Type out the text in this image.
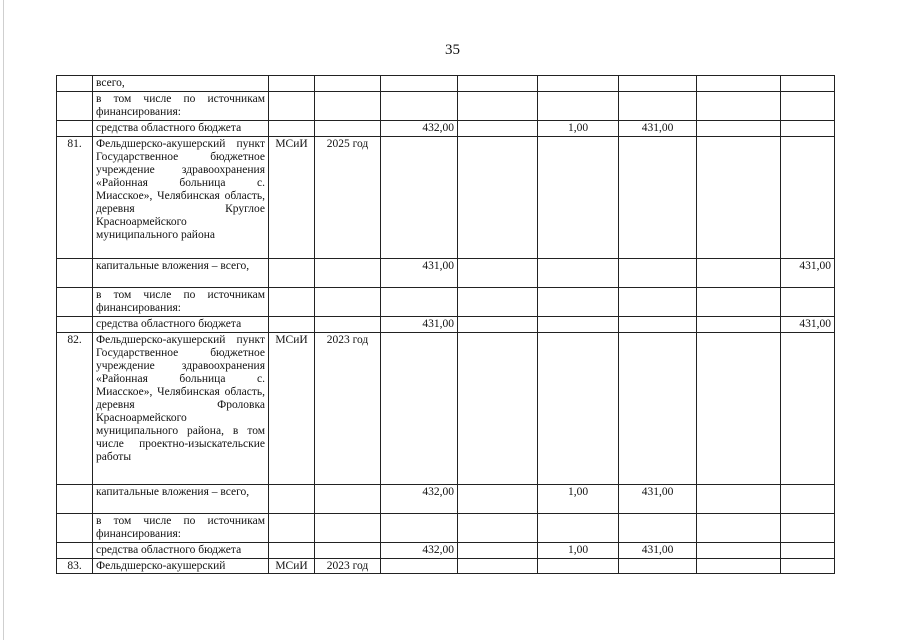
35
	всего,								
	в том числе по источникам финансирования:								
	средства областного бюджета			432,00		1,00	431,00		
81.	Фельдшерско-акушерский пункт Государственное бюджетное учреждение здравоохранения «Районная больница с. Миасское», Челябинская область, деревня Круглое Красноармейского муниципального района	МСиИ	2025 год						
	капитальные вложения – всего,			431,00					431,00
	в том числе по источникам финансирования:								
	средства областного бюджета			431,00					431,00
82.	Фельдшерско-акушерский пункт Государственное бюджетное учреждение здравоохранения «Районная больница с. Миасское», Челябинская область, деревня Фроловка Красноармейского муниципального района, в том числе проектно-изыскательские работы	МСиИ	2023 год						
	капитальные вложения – всего,			432,00		1,00	431,00		
	в том числе по источникам финансирования:								
	средства областного бюджета			432,00		1,00	431,00		
83.	Фельдшерско-акушерский	МСиИ	2023 год						
